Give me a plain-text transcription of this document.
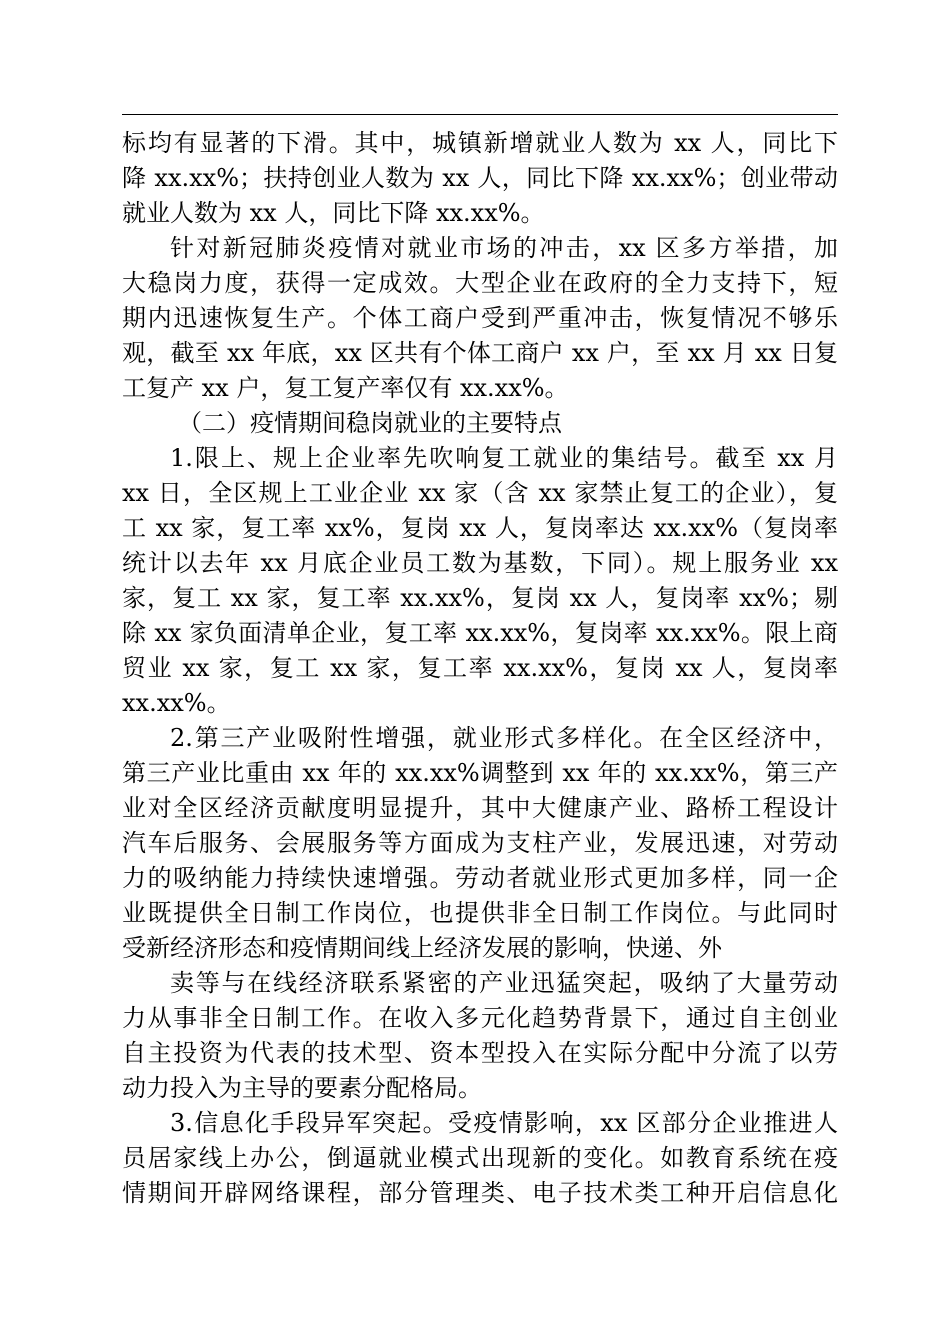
标均有显著的下滑。其中，城镇新增就业人数为 xx 人，同比下
降 xx.xx%；扶持创业人数为 xx 人，同比下降 xx.xx%；创业带动
就业人数为 xx 人，同比下降 xx.xx%。
针对新冠肺炎疫情对就业市场的冲击，xx 区多方举措，加
大稳岗力度，获得一定成效。大型企业在政府的全力支持下，短
期内迅速恢复生产。个体工商户受到严重冲击，恢复情况不够乐
观，截至 xx 年底，xx 区共有个体工商户 xx 户，至 xx 月 xx 日复
工复产 xx 户，复工复产率仅有 xx.xx%。
（二）疫情期间稳岗就业的主要特点
1.限上、规上企业率先吹响复工就业的集结号。截至 xx 月
xx 日，全区规上工业企业 xx 家（含 xx 家禁止复工的企业），复
工 xx 家，复工率 xx%，复岗 xx 人，复岗率达 xx.xx%（复岗率
统计以去年 xx 月底企业员工数为基数，下同）。规上服务业 xx
家，复工 xx 家，复工率 xx.xx%，复岗 xx 人，复岗率 xx%；剔
除 xx 家负面清单企业，复工率 xx.xx%，复岗率 xx.xx%。限上商
贸业 xx 家，复工 xx 家，复工率 xx.xx%，复岗 xx 人，复岗率
xx.xx%。
2.第三产业吸附性增强，就业形式多样化。在全区经济中，
第三产业比重由 xx 年的 xx.xx%调整到 xx 年的 xx.xx%，第三产
业对全区经济贡献度明显提升，其中大健康产业、路桥工程设计
汽车后服务、会展服务等方面成为支柱产业，发展迅速，对劳动
力的吸纳能力持续快速增强。劳动者就业形式更加多样，同一企
业既提供全日制工作岗位，也提供非全日制工作岗位。与此同时
受新经济形态和疫情期间线上经济发展的影响，快递、外
卖等与在线经济联系紧密的产业迅猛突起，吸纳了大量劳动
力从事非全日制工作。在收入多元化趋势背景下，通过自主创业
自主投资为代表的技术型、资本型投入在实际分配中分流了以劳
动力投入为主导的要素分配格局。
3.信息化手段异军突起。受疫情影响，xx 区部分企业推进人
员居家线上办公，倒逼就业模式出现新的变化。如教育系统在疫
情期间开辟网络课程，部分管理类、电子技术类工种开启信息化
